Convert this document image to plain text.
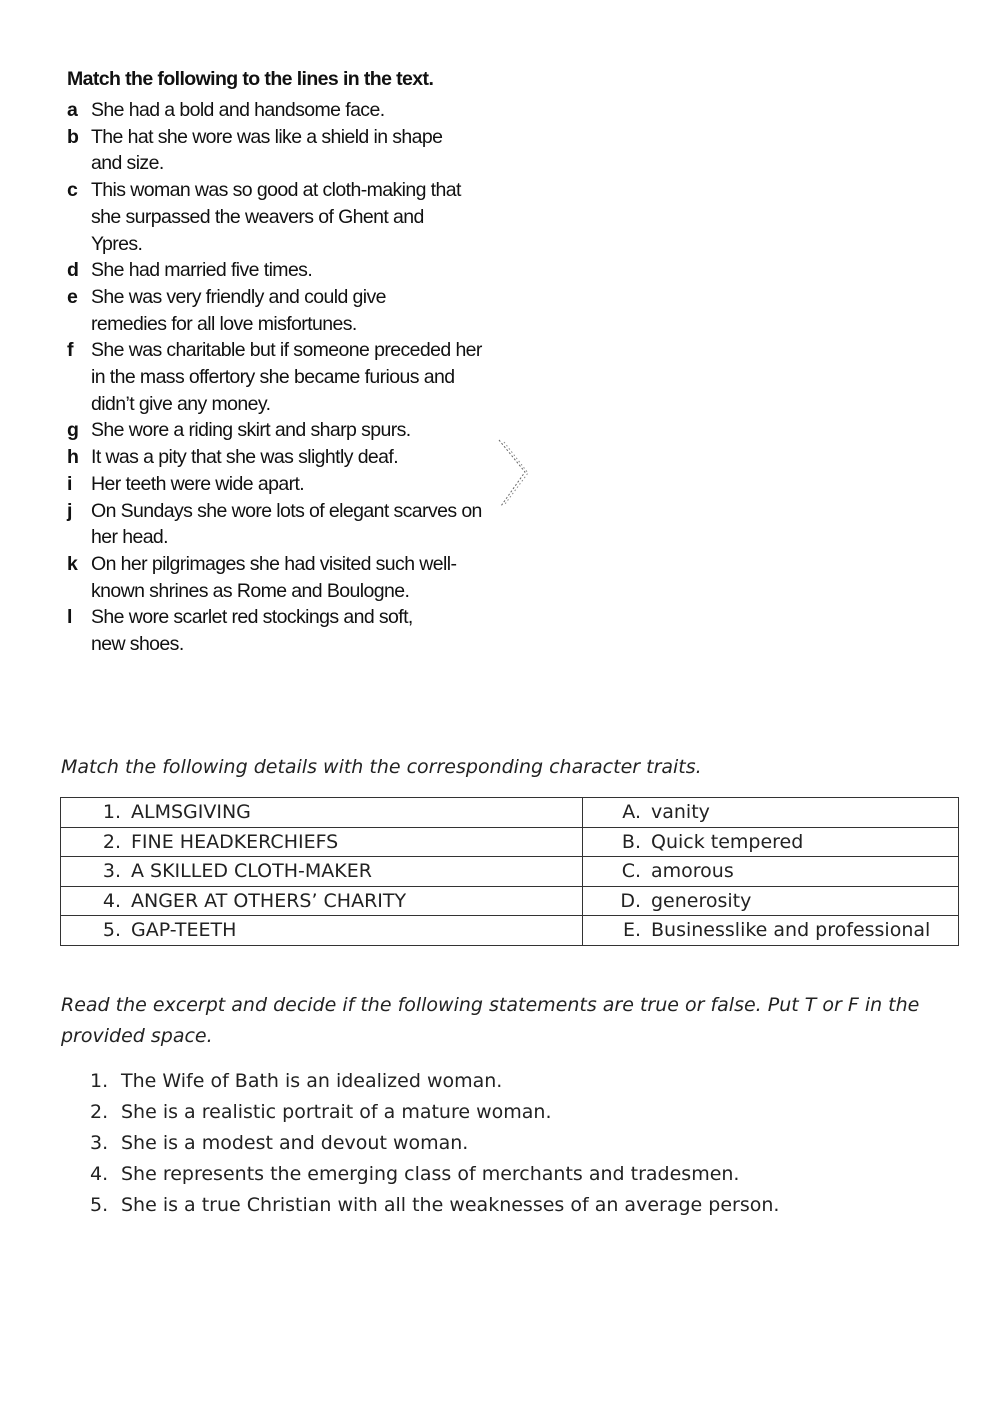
Match the following to the lines in the text.
a She had a bold and handsome face.
b The hat she wore was like a shield in shape and size.
c This woman was so good at cloth-making that she surpassed the weavers of Ghent and Ypres.
d She had married five times.
e She was very friendly and could give remedies for all love misfortunes.
f She was charitable but if someone preceded her in the mass offertory she became furious and didn’t give any money.
g She wore a riding skirt and sharp spurs.
h It was a pity that she was slightly deaf.
i Her teeth were wide apart.
j On Sundays she wore lots of elegant scarves on her head.
k On her pilgrimages she had visited such well-known shrines as Rome and Boulogne.
l She wore scarlet red stockings and soft, new shoes.
Match the following details with the corresponding character traits.
1. ALMSGIVING	A. vanity

2. FINE HEADKERCHIEFS	B. Quick tempered

3. A SKILLED CLOTH-MAKER	C. amorous

4. ANGER AT OTHERS’ CHARITY	D. generosity

5. GAP-TEETH	E. Businesslike and professional
Read the excerpt and decide if the following statements are true or false. Put T or F in the provided space.
1. The Wife of Bath is an idealized woman.
2. She is a realistic portrait of a mature woman.
3. She is a modest and devout woman.
4. She represents the emerging class of merchants and tradesmen.
5. She is a true Christian with all the weaknesses of an average person.
